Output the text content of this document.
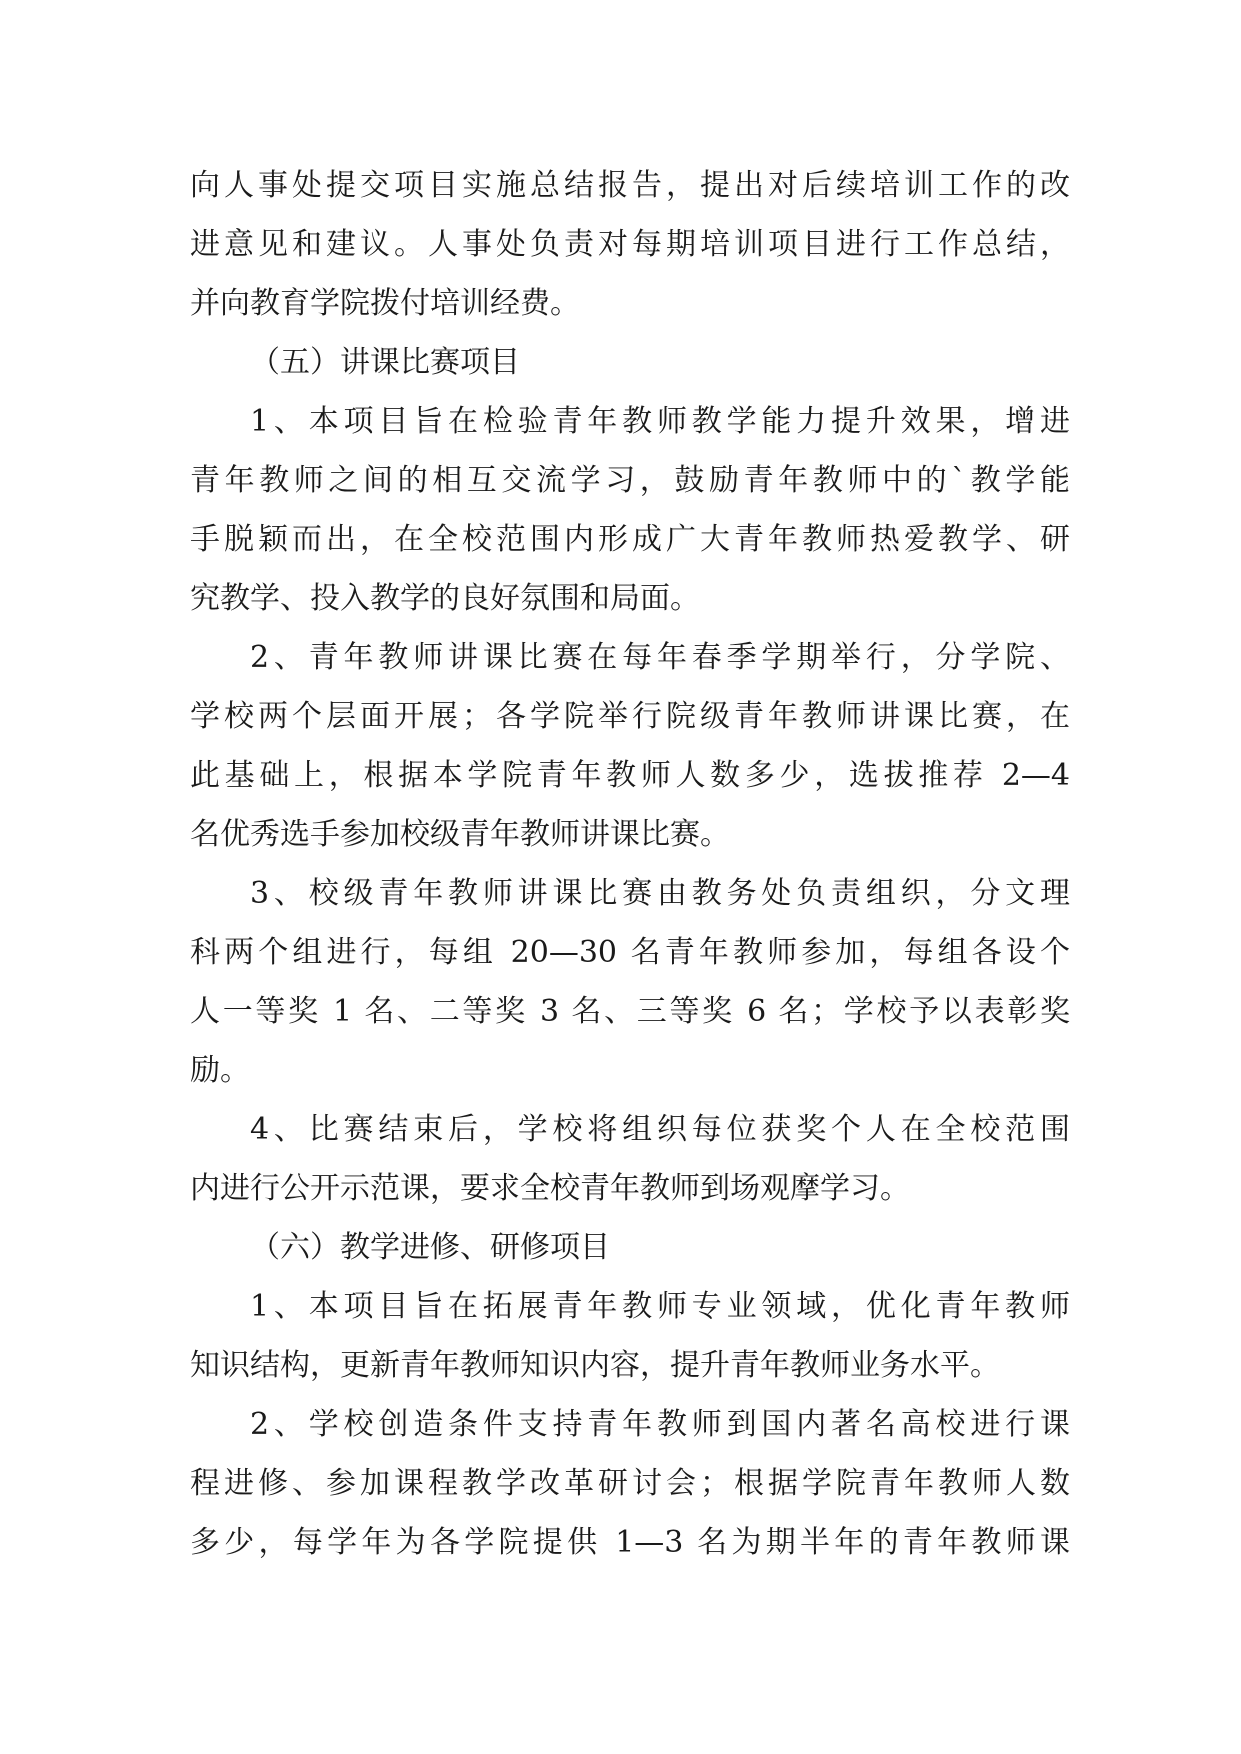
向人事处提交项目实施总结报告，提出对后续培训工作的改
进意见和建议。人事处负责对每期培训项目进行工作总结，
并向教育学院拨付培训经费。
（五）讲课比赛项目
1、本项目旨在检验青年教师教学能力提升效果，增进
青年教师之间的相互交流学习，鼓励青年教师中的`教学能
手脱颖而出，在全校范围内形成广大青年教师热爱教学、研
究教学、投入教学的良好氛围和局面。
2、青年教师讲课比赛在每年春季学期举行，分学院、
学校两个层面开展；各学院举行院级青年教师讲课比赛，在
此基础上，根据本学院青年教师人数多少，选拔推荐 2—4
名优秀选手参加校级青年教师讲课比赛。
3、校级青年教师讲课比赛由教务处负责组织，分文理
科两个组进行，每组 20—30 名青年教师参加，每组各设个
人一等奖 1 名、二等奖 3 名、三等奖 6 名；学校予以表彰奖
励。
4、比赛结束后，学校将组织每位获奖个人在全校范围
内进行公开示范课，要求全校青年教师到场观摩学习。
（六）教学进修、研修项目
1、本项目旨在拓展青年教师专业领域，优化青年教师
知识结构，更新青年教师知识内容，提升青年教师业务水平。
2、学校创造条件支持青年教师到国内著名高校进行课
程进修、参加课程教学改革研讨会；根据学院青年教师人数
多少，每学年为各学院提供 1—3 名为期半年的青年教师课
